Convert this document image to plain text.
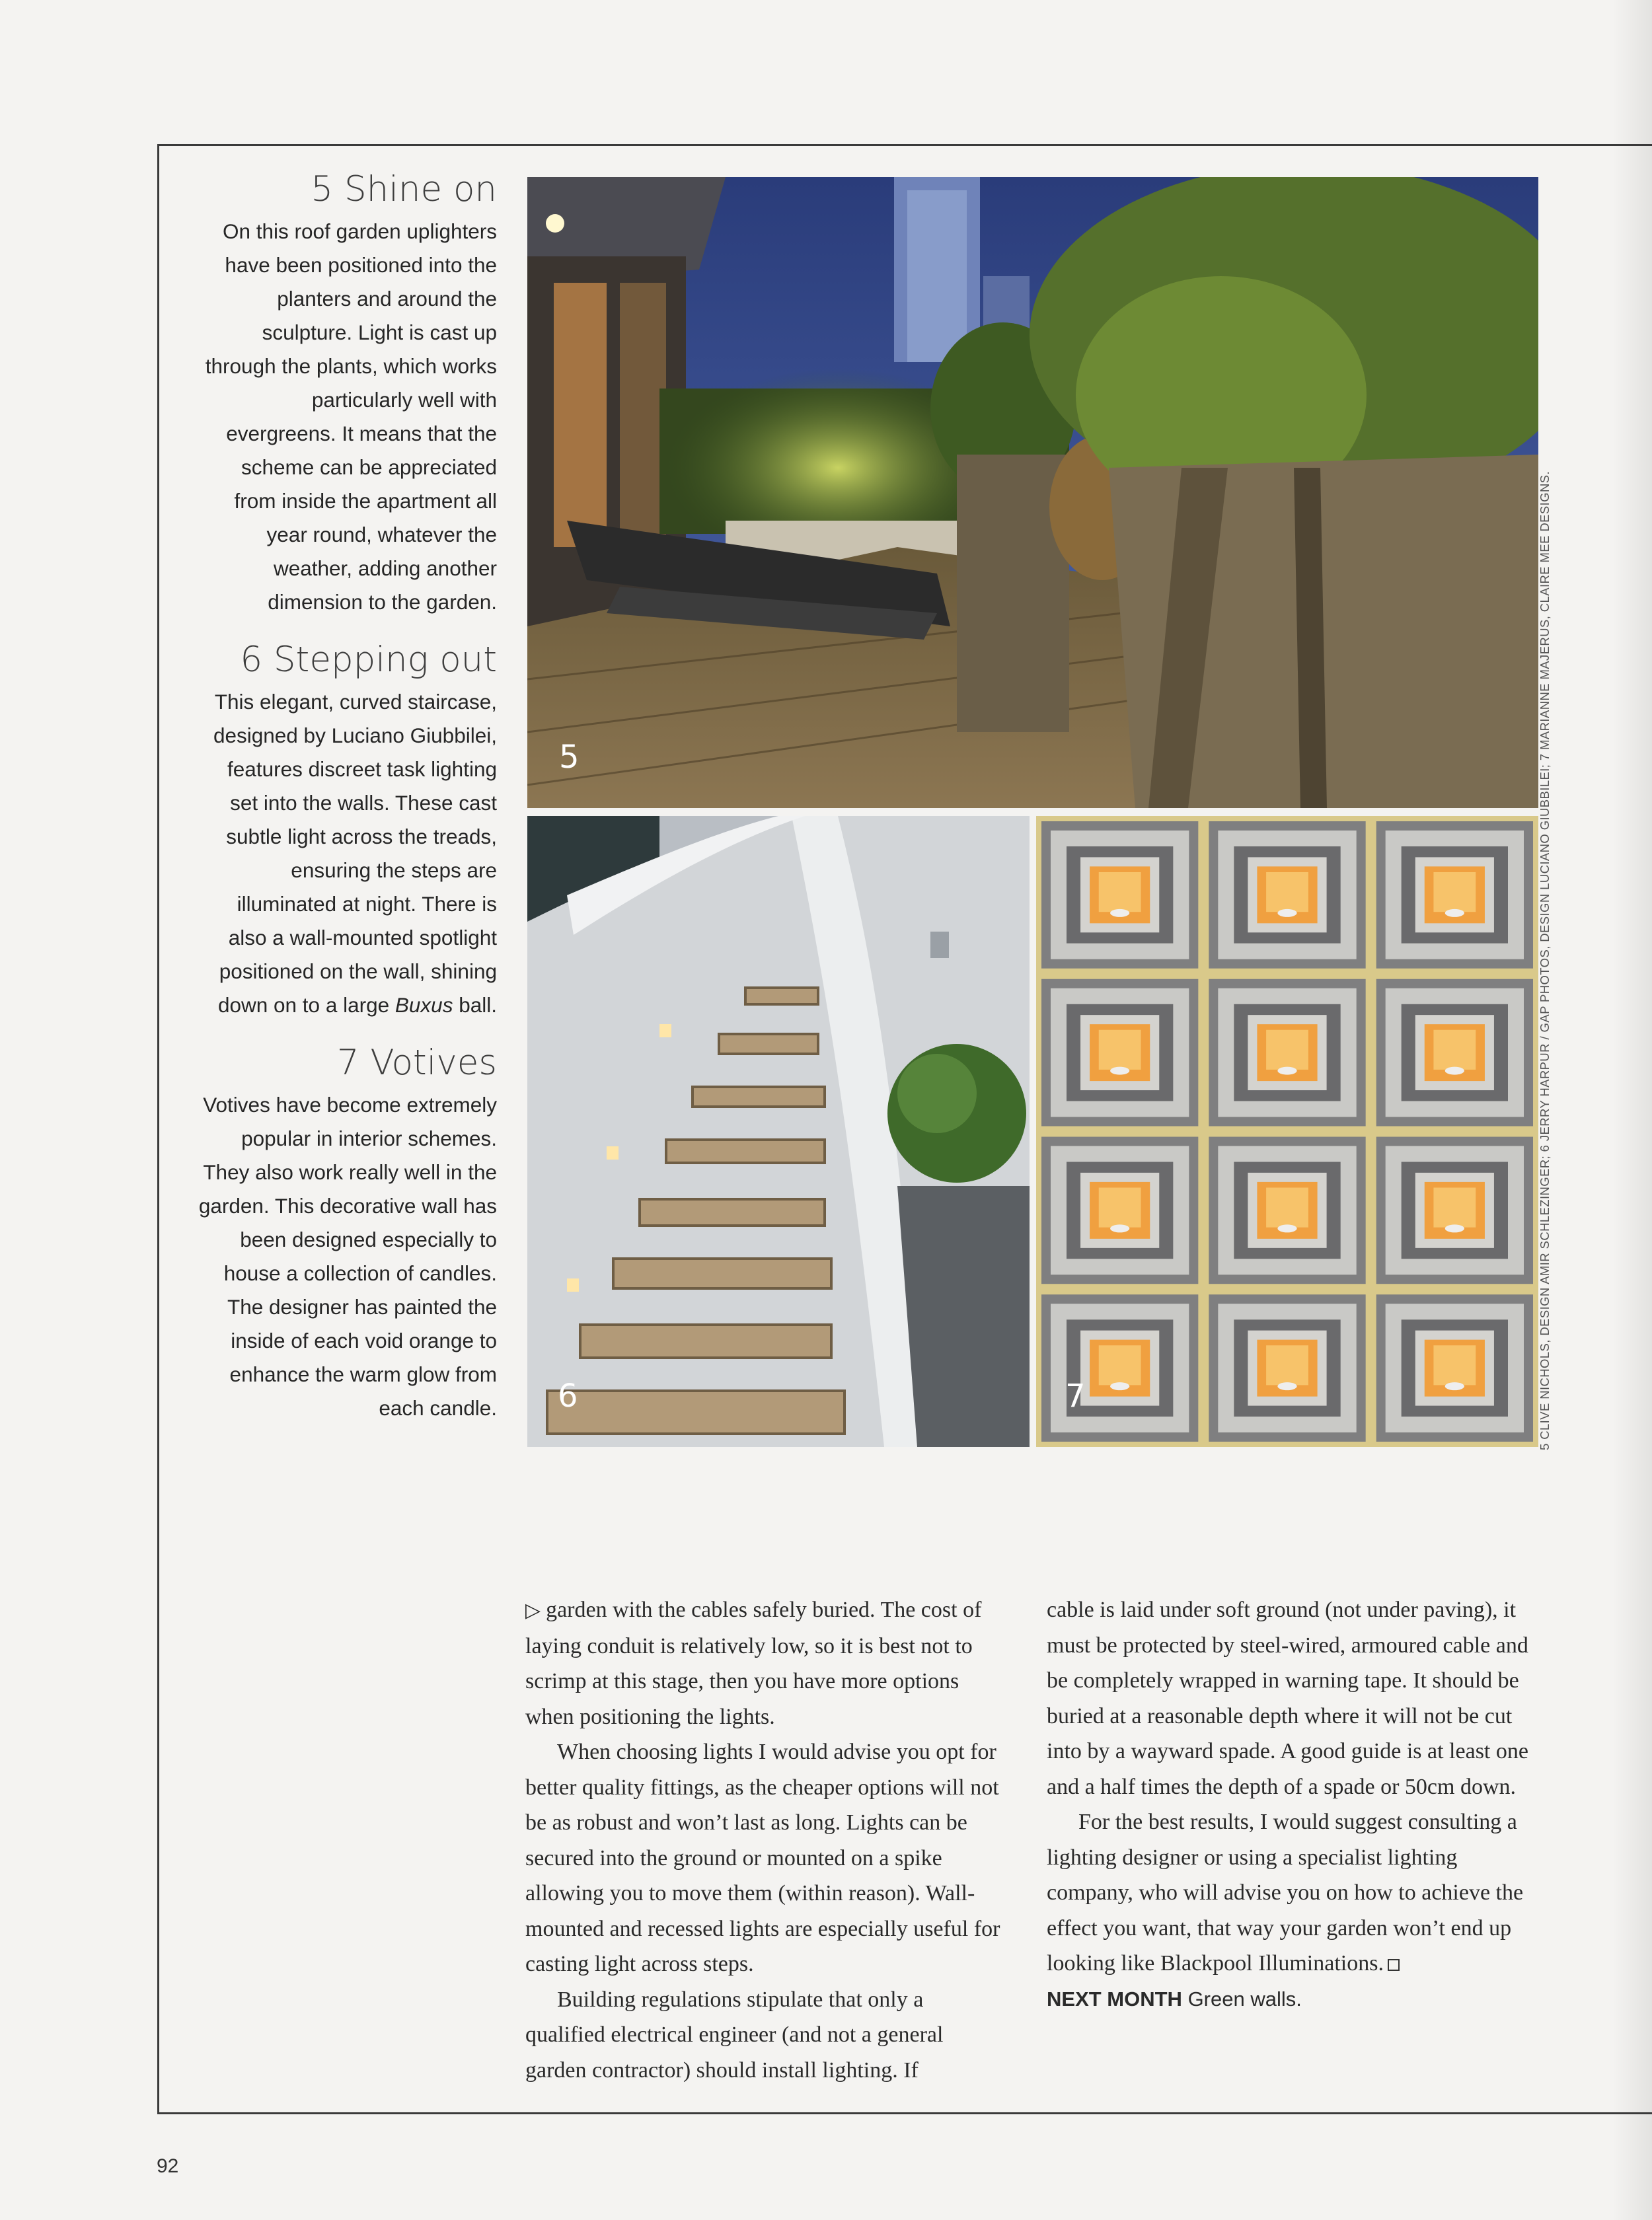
5 Shine on

On this roof garden uplighters have been positioned into the planters and around the sculpture. Light is cast up through the plants, which works particularly well with evergreens. It means that the scheme can be appreciated from inside the apartment all year round, whatever the weather, adding another dimension to the garden.

6 Stepping out

This elegant, curved staircase, designed by Luciano Giubbilei, features discreet task lighting set into the walls. These cast subtle light across the treads, ensuring the steps are illuminated at night. There is also a wall-mounted spotlight positioned on the wall, shining down on to a large Buxus ball.

7 Votives

Votives have become extremely popular in interior schemes. They also work really well in the garden. This decorative wall has been designed especially to house a collection of candles. The designer has painted the inside of each void orange to enhance the warm glow from each candle.

5
6	7	5 CLIVE NICHOLS, DESIGN AMIR SCHLEZINGER; 6 JERRY HARPUR / GAP PHOTOS, DESIGN LUCIANO GIUBBILEI; 7 MARIANNE MAJERUS, CLAIRE MEE DESIGNS.

▷ garden with the cables safely buried. The cost of laying conduit is relatively low, so it is best not to scrimp at this stage, then you have more options when positioning the lights.

When choosing lights I would advise you opt for better quality fittings, as the cheaper options will not be as robust and won’t last as long. Lights can be secured into the ground or mounted on a spike allowing you to move them (within reason). Wall-mounted and recessed lights are especially useful for casting light across steps.

Building regulations stipulate that only a qualified electrical engineer (and not a general garden contractor) should install lighting. If

cable is laid under soft ground (not under paving), it must be protected by steel-wired, armoured cable and be completely wrapped in warning tape. It should be buried at a reasonable depth where it will not be cut into by a wayward spade. A good guide is at least one and a half times the depth of a spade or 50cm down.

For the best results, I would suggest consulting a lighting designer or using a specialist lighting company, who will advise you on how to achieve the effect you want, that way your garden won’t end up looking like Blackpool Illuminations.

NEXT MONTH Green walls.

92
